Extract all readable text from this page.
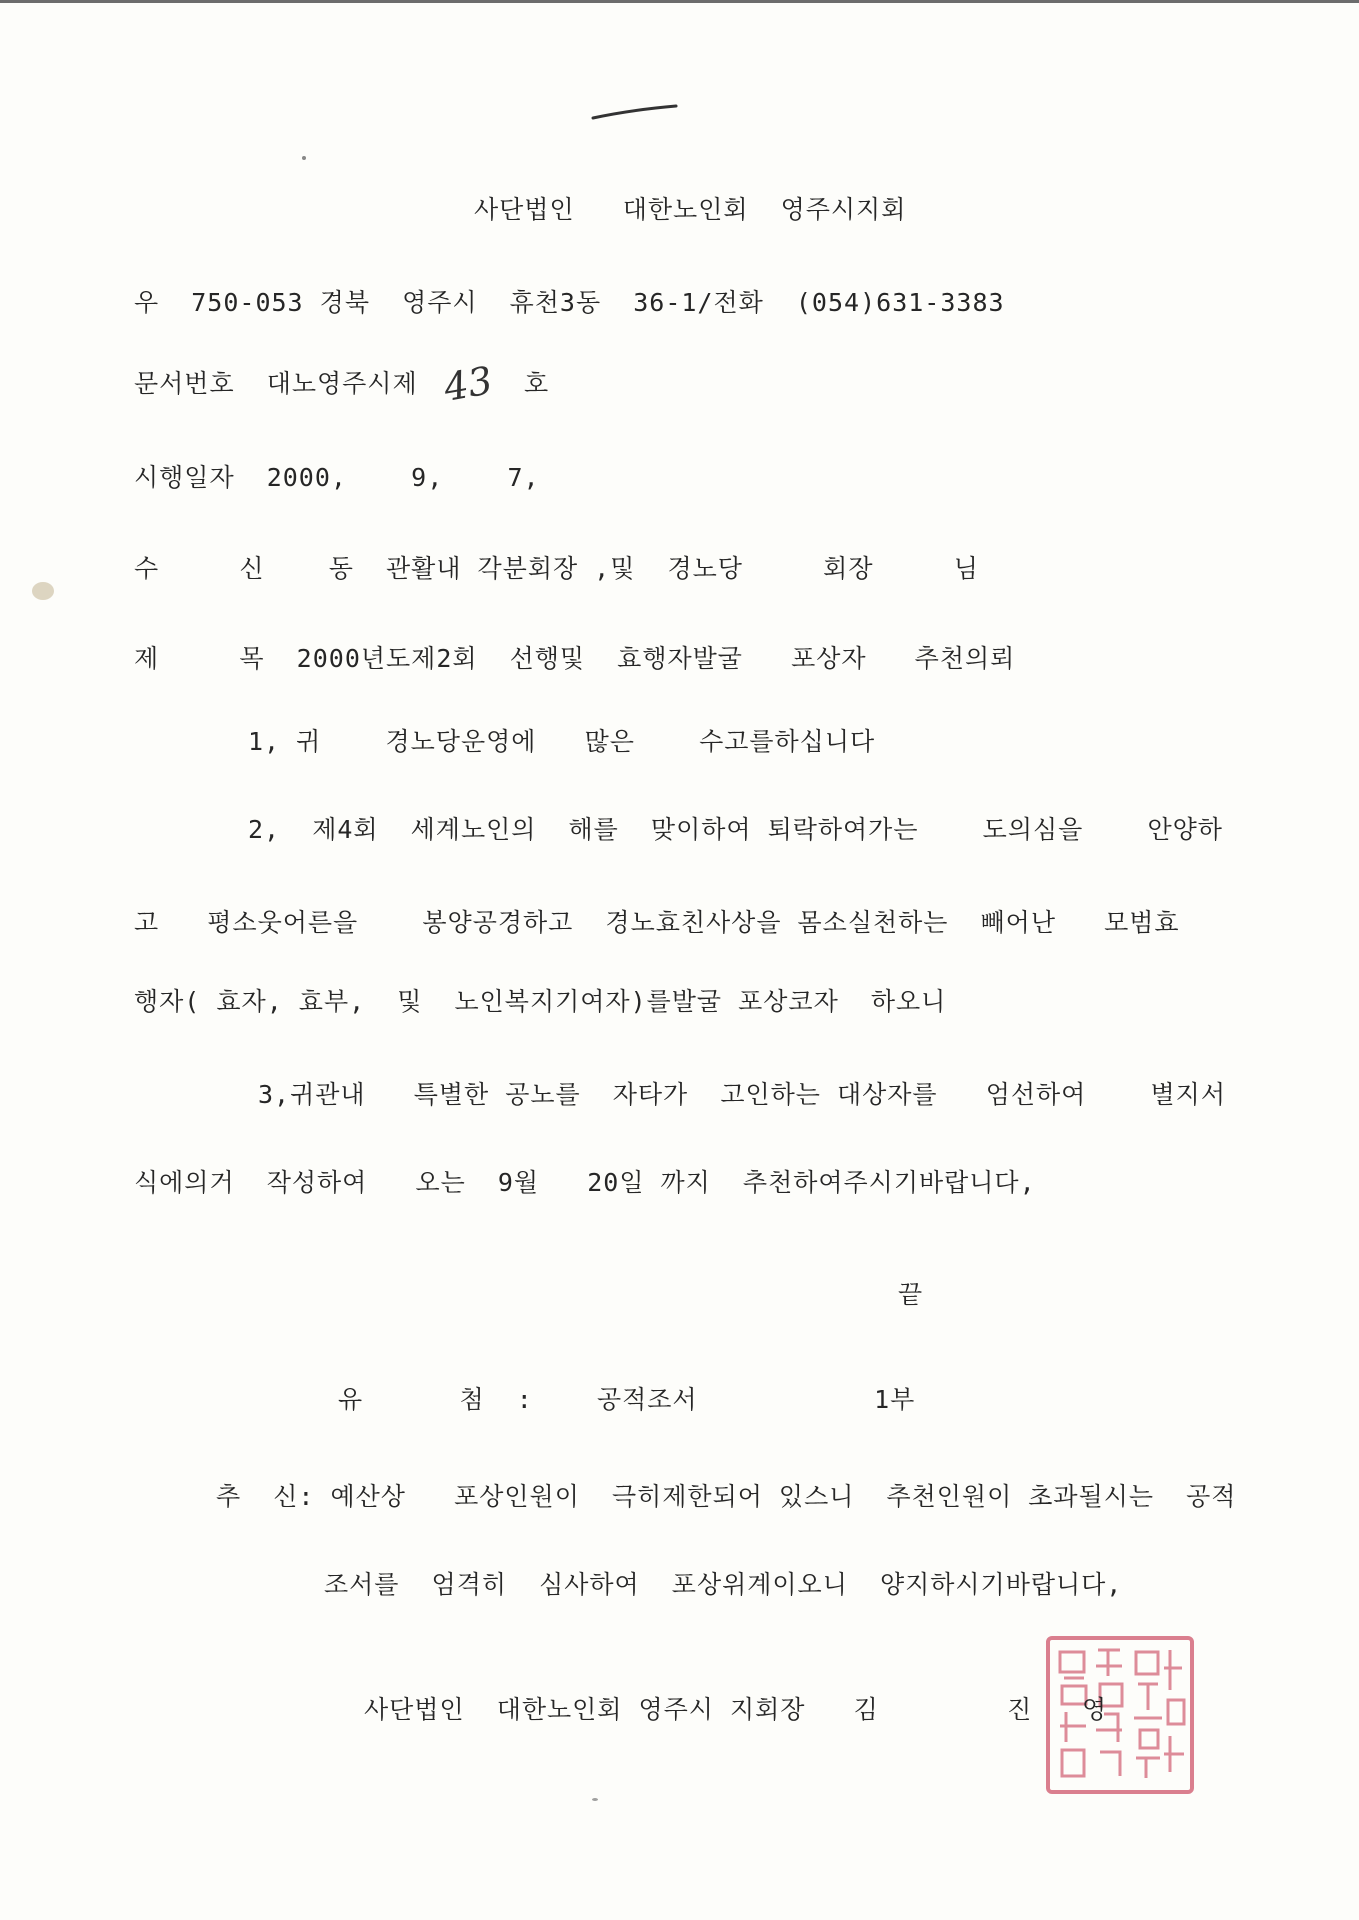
사단법인   대한노인회  영주시지회
우  750-053 경북  영주시  휴천3동  36-1/전화  (054)631-3383
문서번호  대노영주시제 43 호
시행일자  2000,    9,    7,
수     신    동  관활내 각분회장 ,및  경노당     회장     님
제     목  2000년도제2회  선행및  효행자발굴   포상자   추천의뢰
1, 귀    경노당운영에   많은    수고를하십니다
2,  제4회  세계노인의  해를  맞이하여 퇴락하여가는    도의심을    안양하
고   평소웃어른을    봉양공경하고  경노효친사상을 몸소실천하는  빼어난   모범효
행자( 효자, 효부,  및  노인복지기여자)를발굴 포상코자  하오니
3,귀관내   특별한 공노를  자타가  고인하는 대상자를   엄선하여    별지서
식에의거  작성하여   오는  9월   20일 까지  추천하여주시기바랍니다,
끝
유      첨  :    공적조서           1부
추  신: 예산상   포상인원이  극히제한되어 있스니  추천인원이 초과될시는  공적
조서를  엄격히  심사하여  포상위계이오니  양지하시기바랍니다,
사단법인  대한노인회 영주시 지회장   김        진 영
